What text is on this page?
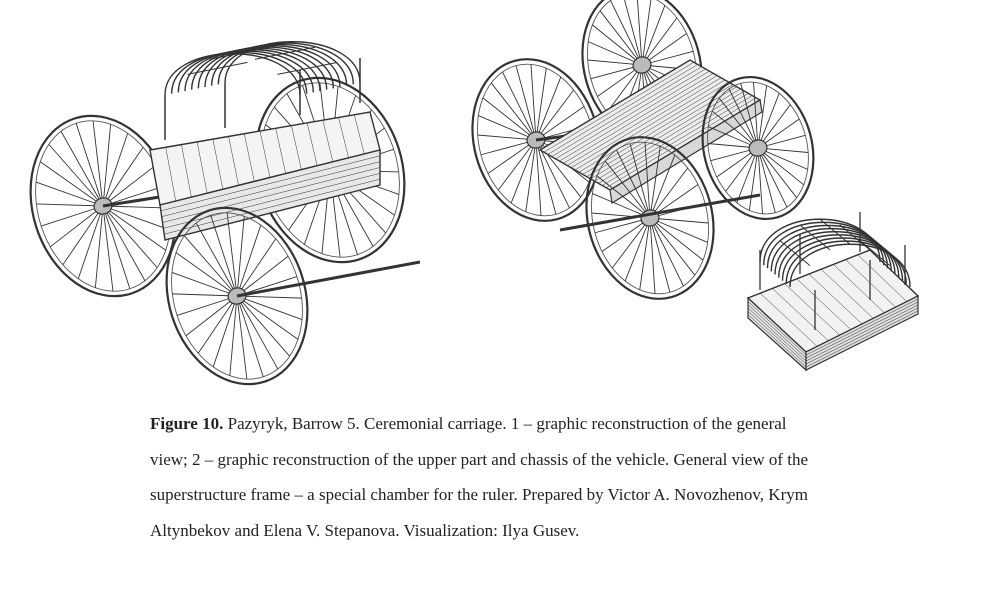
Figure 10. Pazyryk, Barrow 5. Ceremonial carriage. 1 – graphic reconstruction of the general view; 2 – graphic reconstruction of the upper part and chassis of the vehicle. General view of the superstructure frame – a special chamber for the ruler. Prepared by Victor A. Novozhenov, Krym Altynbekov and Elena V. Stepanova. Visualization: Ilya Gusev.
